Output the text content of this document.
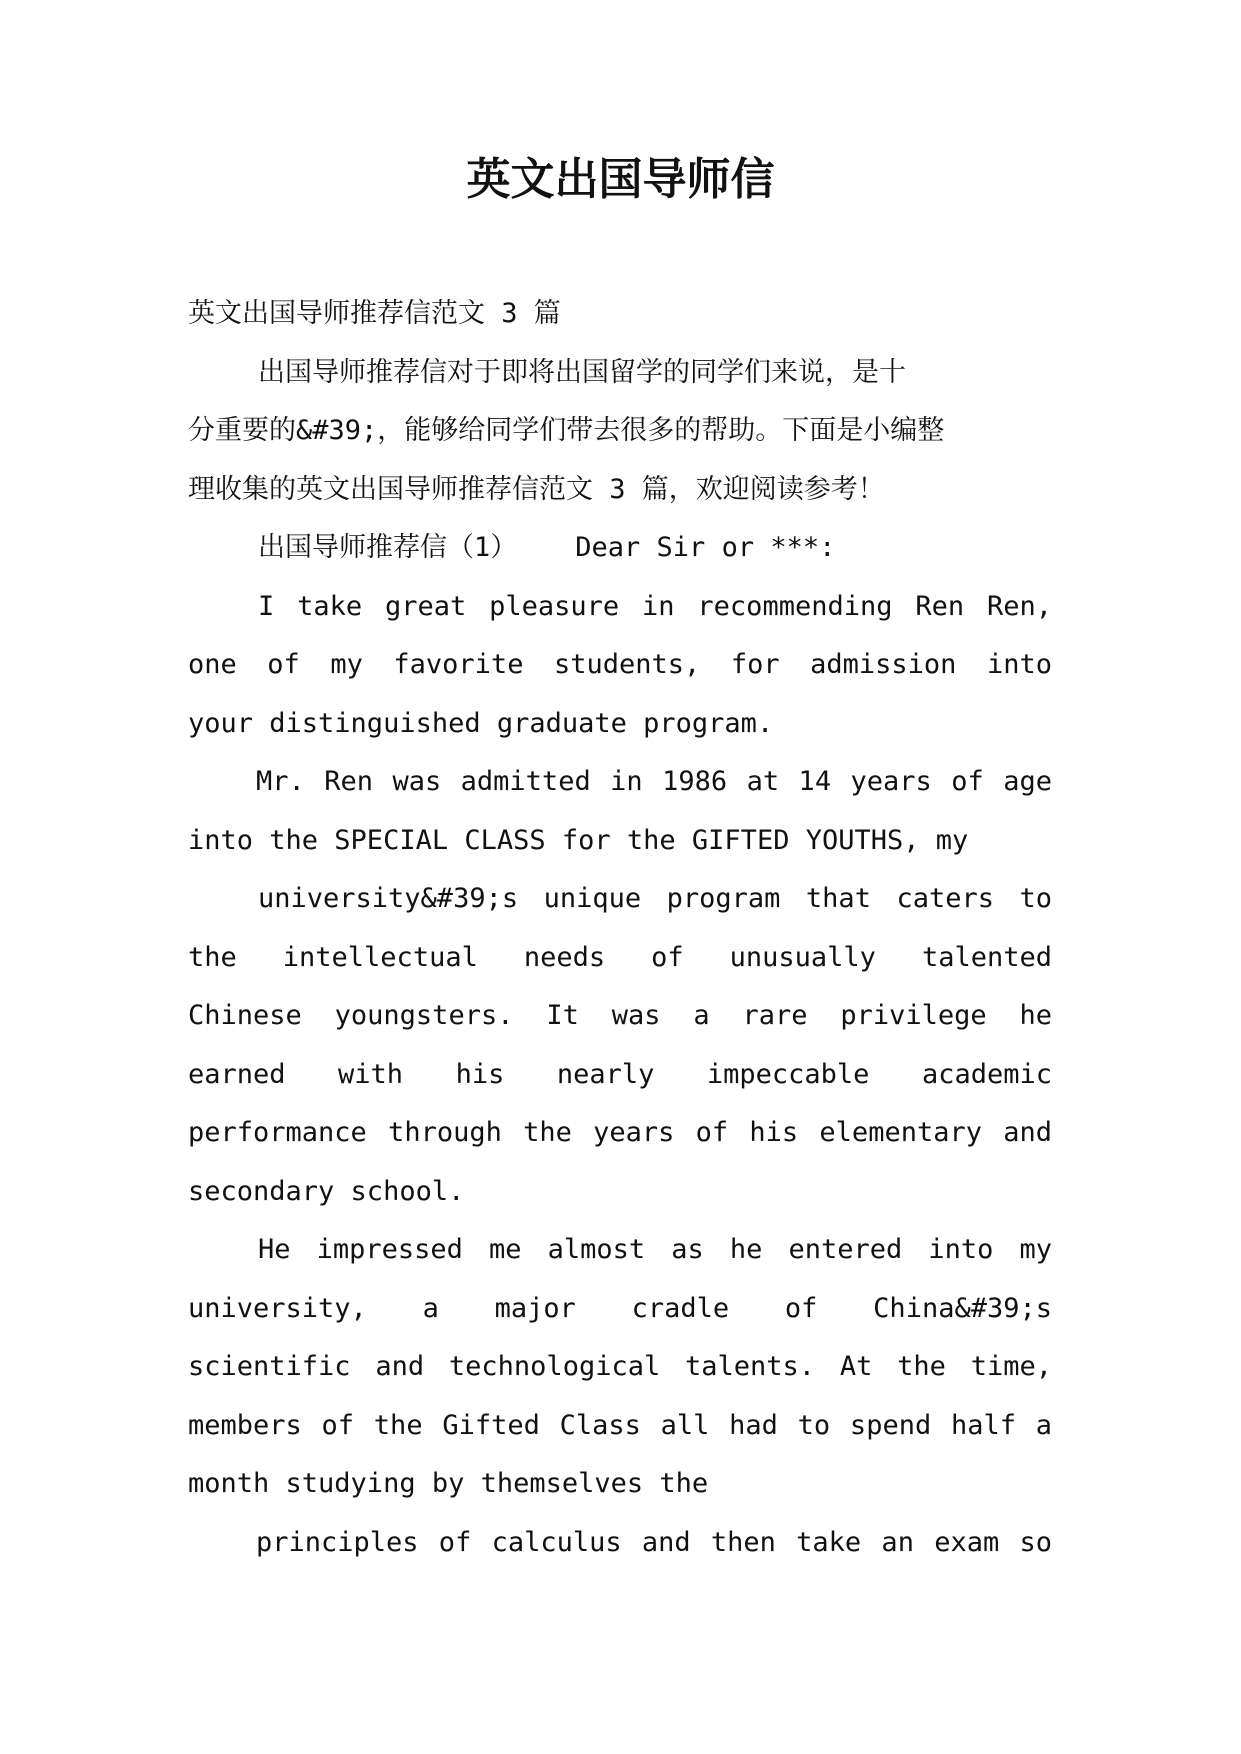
英文出国导师信
英文出国导师推荐信范文 3 篇
出国导师推荐信对于即将出国留学的同学们来说，是十
分重要的&#39;，能够给同学们带去很多的帮助。下面是小编整
理收集的英文出国导师推荐信范文 3 篇，欢迎阅读参考！
出国导师推荐信（1） Dear Sir or ***:
I take great pleasure in recommending Ren Ren,
one of my favorite students, for admission into
your distinguished graduate program.
Mr. Ren was admitted in 1986 at 14 years of age
into the SPECIAL CLASS for the GIFTED YOUTHS, my
university&#39;s unique program that caters to
the intellectual needs of unusually talented
Chinese youngsters. It was a rare privilege he
earned with his nearly impeccable academic
performance through the years of his elementary and
secondary school.
He impressed me almost as he entered into my
university, a major cradle of China&#39;s
scientific and technological talents. At the time,
members of the Gifted Class all had to spend half a
month studying by themselves the
principles of calculus and then take an exam so
